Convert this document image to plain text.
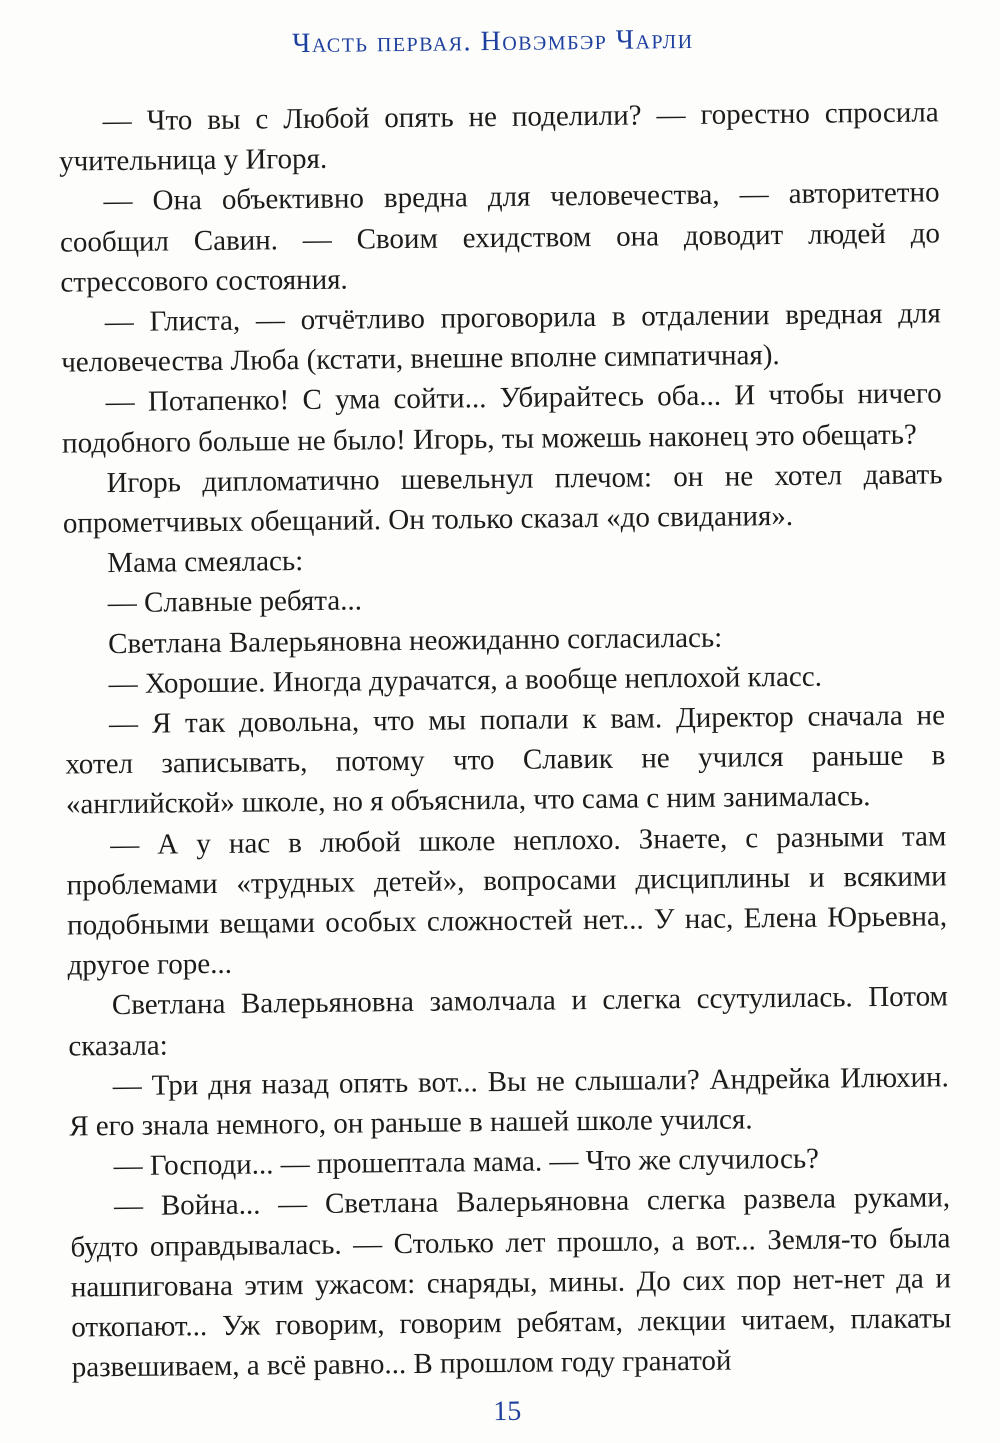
Часть первая. Новэмбэр Чарли

— Что вы с Любой опять не поделили? — горестно спросила учительница у Игоря.

— Она объективно вредна для человечества, — авторитетно сообщил Савин. — Своим ехидством она доводит людей до стрессового состояния.

— Глиста, — отчётливо проговорила в отдалении вредная для человечества Люба (кстати, внешне вполне симпатичная).

— Потапенко! С ума сойти... Убирайтесь оба... И чтобы ничего подобного больше не было! Игорь, ты можешь наконец это обещать?

Игорь дипломатично шевельнул плечом: он не хотел давать опрометчивых обещаний. Он только сказал «до свидания».

Мама смеялась:

— Славные ребята...

Светлана Валерьяновна неожиданно согласилась:

— Хорошие. Иногда дурачатся, а вообще неплохой класс.

— Я так довольна, что мы попали к вам. Директор сначала не хотел записывать, потому что Славик не учился раньше в «английской» школе, но я объяснила, что сама с ним занималась.

— А у нас в любой школе неплохо. Знаете, с разными там проблемами «трудных детей», вопросами дисциплины и всякими подобными вещами особых сложностей нет... У нас, Елена Юрьевна, другое горе...

Светлана Валерьяновна замолчала и слегка ссутулилась. Потом сказала:

— Три дня назад опять вот... Вы не слышали? Андрейка Илюхин. Я его знала немного, он раньше в нашей школе учился.

— Господи... — прошептала мама. — Что же случилось?

— Война... — Светлана Валерьяновна слегка развела руками, будто оправдывалась. — Столько лет прошло, а вот... Земля-то была нашпигована этим ужасом: снаряды, мины. До сих пор нет-нет да и откопают... Уж говорим, говорим ребятам, лекции читаем, плакаты развешиваем, а всё равно... В прошлом году гранатой

15
